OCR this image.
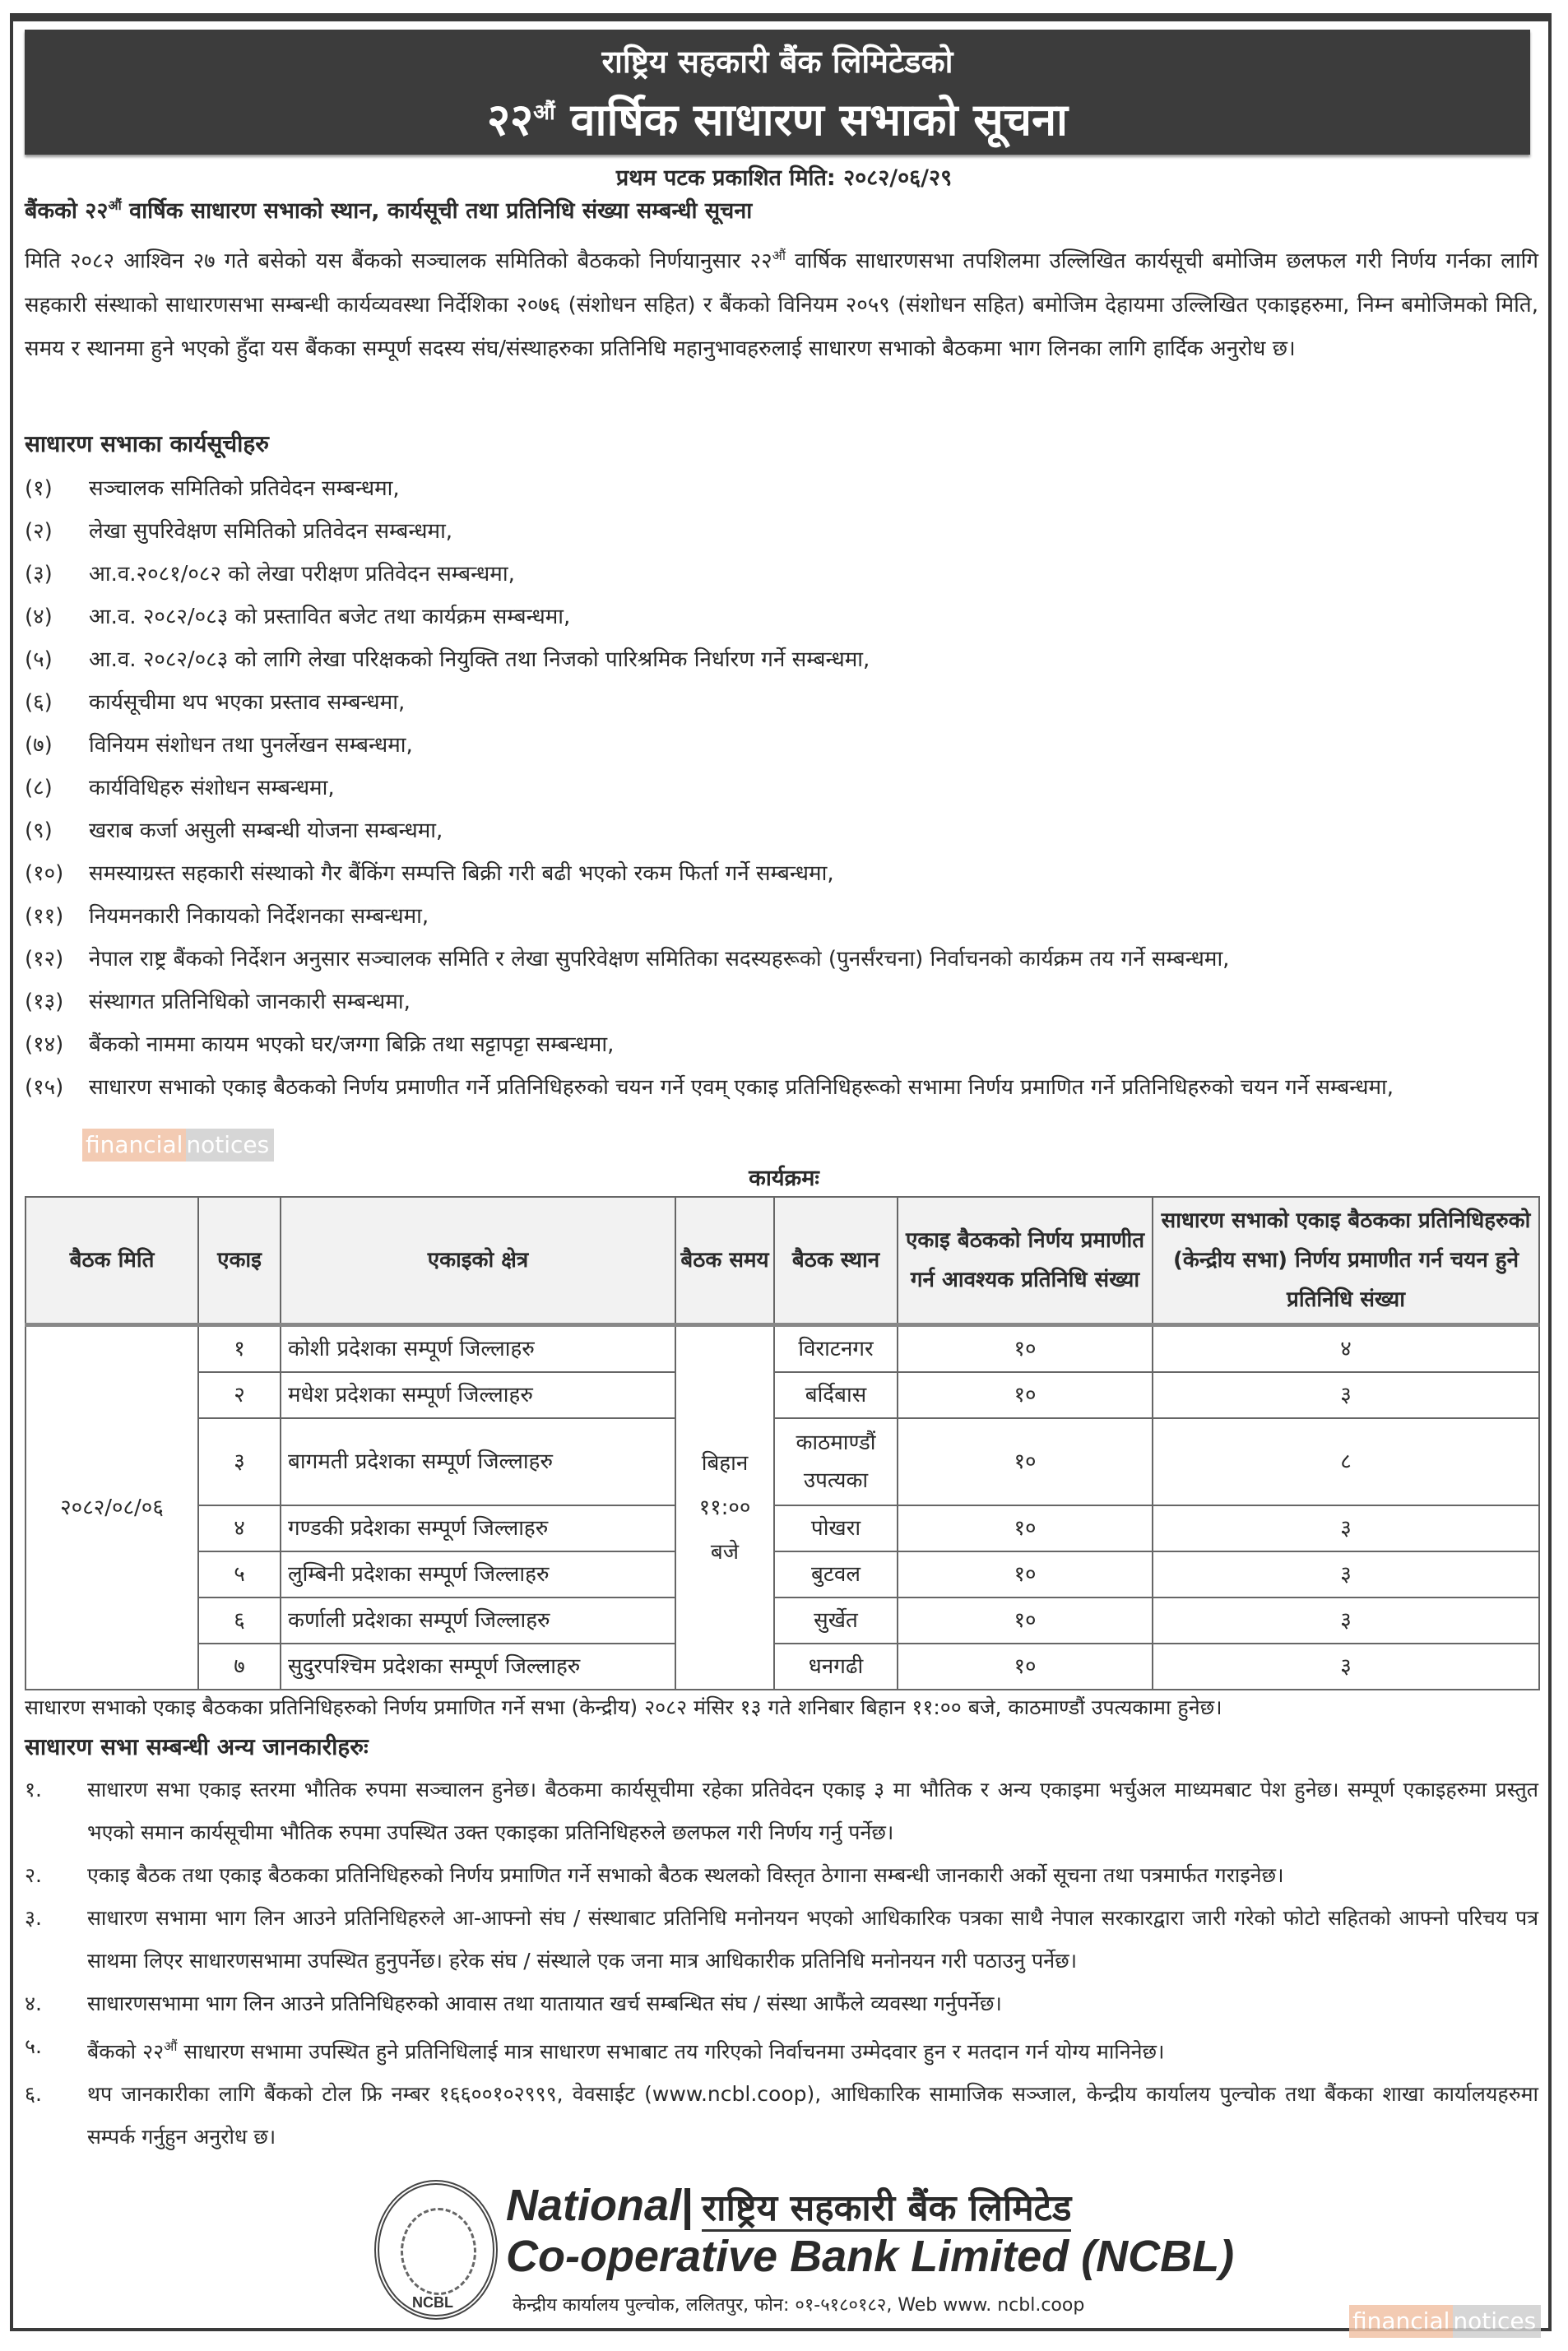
राष्ट्रिय सहकारी बैंक लिमिटेडको
$२२^{औं}$ वार्षिक साधारण सभाको सूचना
प्रथम पटक प्रकाशित मिति: २०८२/०६/२९
बैंकको $२२^{औं}$ वार्षिक साधारण सभाको स्थान, कार्यसूची तथा प्रतिनिधि संख्या सम्बन्धी सूचना
मिति २०८२ आश्विन २७ गते बसेको यस बैंकको सञ्चालक समितिको बैठकको निर्णयानुसार $२२^{औं}$ वार्षिक साधारणसभा तपशिलमा उल्लिखित कार्यसूची बमोजिम छलफल गरी निर्णय गर्नका लागि सहकारी संस्थाको साधारणसभा सम्बन्धी कार्यव्यवस्था निर्देशिका २०७६ (संशोधन सहित) र बैंकको विनियम २०५९ (संशोधन सहित) बमोजिम देहायमा उल्लिखित एकाइहरुमा, निम्न बमोजिमको मिति, समय र स्थानमा हुने भएको हुँदा यस बैंकका सम्पूर्ण सदस्य संघ/संस्थाहरुका प्रतिनिधि महानुभावहरुलाई साधारण सभाको बैठकमा भाग लिनका लागि हार्दिक अनुरोध छ।
साधारण सभाका कार्यसूचीहरु
(१)	सञ्चालक समितिको प्रतिवेदन सम्बन्धमा,
(२)	लेखा सुपरिवेक्षण समितिको प्रतिवेदन सम्बन्धमा,
(३)	आ.व.२०८१/०८२ को लेखा परीक्षण प्रतिवेदन सम्बन्धमा,
(४)	आ.व. २०८२/०८३ को प्रस्तावित बजेट तथा कार्यक्रम सम्बन्धमा,
(५)	आ.व. २०८२/०८३ को लागि लेखा परिक्षकको नियुक्ति तथा निजको पारिश्रमिक निर्धारण गर्ने सम्बन्धमा,
(६)	कार्यसूचीमा थप भएका प्रस्ताव सम्बन्धमा,
(७)	विनियम संशोधन तथा पुनर्लेखन सम्बन्धमा,
(८)	कार्यविधिहरु संशोधन सम्बन्धमा,
(९)	खराब कर्जा असुली सम्बन्धी योजना सम्बन्धमा,
(१०)	समस्याग्रस्त सहकारी संस्थाको गैर बैंकिंग सम्पत्ति बिक्री गरी बढी भएको रकम फिर्ता गर्ने सम्बन्धमा,
(११)	नियमनकारी निकायको निर्देशनका सम्बन्धमा,
(१२)	नेपाल राष्ट्र बैंकको निर्देशन अनुसार सञ्चालक समिति र लेखा सुपरिवेक्षण समितिका सदस्यहरूको (पुनर्संरचना) निर्वाचनको कार्यक्रम तय गर्ने सम्बन्धमा,
(१३)	संस्थागत प्रतिनिधिको जानकारी सम्बन्धमा,
(१४)	बैंकको नाममा कायम भएको घर/जग्गा बिक्रि तथा सट्टापट्टा सम्बन्धमा,
(१५)	साधारण सभाको एकाइ बैठकको निर्णय प्रमाणीत गर्ने प्रतिनिधिहरुको चयन गर्ने एवम् एकाइ प्रतिनिधिहरूको सभामा निर्णय प्रमाणित गर्ने प्रतिनिधिहरुको चयन गर्ने सम्बन्धमा,
financial notices
कार्यक्रमः
बैठक मिति	एकाइ	एकाइको क्षेत्र	बैठक समय	बैठक स्थान	एकाइ बैठकको निर्णय प्रमाणीत गर्न आवश्यक प्रतिनिधि संख्या	साधारण सभाको एकाइ बैठकका प्रतिनिधिहरुको (केन्द्रीय सभा) निर्णय प्रमाणीत गर्न चयन हुने प्रतिनिधि संख्या
२०८२/०८/०६	१	कोशी प्रदेशका सम्पूर्ण जिल्लाहरु	बिहान ११:०० बजे	विराटनगर	१०	४
	२	मधेश प्रदेशका सम्पूर्ण जिल्लाहरु		बर्दिबास	१०	३
	३	बागमती प्रदेशका सम्पूर्ण जिल्लाहरु		काठमाण्डौं उपत्यका	१०	८
	४	गण्डकी प्रदेशका सम्पूर्ण जिल्लाहरु		पोखरा	१०	३
	५	लुम्बिनी प्रदेशका सम्पूर्ण जिल्लाहरु		बुटवल	१०	३
	६	कर्णाली प्रदेशका सम्पूर्ण जिल्लाहरु		सुर्खेत	१०	३
	७	सुदुरपश्चिम प्रदेशका सम्पूर्ण जिल्लाहरु		धनगढी	१०	३
साधारण सभाको एकाइ बैठकका प्रतिनिधिहरुको निर्णय प्रमाणित गर्ने सभा (केन्द्रीय) २०८२ मंसिर १३ गते शनिबार बिहान ११:०० बजे, काठमाण्डौं उपत्यकामा हुनेछ।
साधारण सभा सम्बन्धी अन्य जानकारीहरुः
१.	साधारण सभा एकाइ स्तरमा भौतिक रुपमा सञ्चालन हुनेछ। बैठकमा कार्यसूचीमा रहेका प्रतिवेदन एकाइ ३ मा भौतिक र अन्य एकाइमा भर्चुअल माध्यमबाट पेश हुनेछ। सम्पूर्ण एकाइहरुमा प्रस्तुत भएको समान कार्यसूचीमा भौतिक रुपमा उपस्थित उक्त एकाइका प्रतिनिधिहरुले छलफल गरी निर्णय गर्नु पर्नेछ।
२.	एकाइ बैठक तथा एकाइ बैठकका प्रतिनिधिहरुको निर्णय प्रमाणित गर्ने सभाको बैठक स्थलको विस्तृत ठेगाना सम्बन्धी जानकारी अर्को सूचना तथा पत्रमार्फत गराइनेछ।
३.	साधारण सभामा भाग लिन आउने प्रतिनिधिहरुले आ-आफ्नो संघ / संस्थाबाट प्रतिनिधि मनोनयन भएको आधिकारिक पत्रका साथै नेपाल सरकारद्वारा जारी गरेको फोटो सहितको आफ्नो परिचय पत्र साथमा लिएर साधारणसभामा उपस्थित हुनुपर्नेछ। हरेक संघ / संस्थाले एक जना मात्र आधिकारीक प्रतिनिधि मनोनयन गरी पठाउनु पर्नेछ।
४.	साधारणसभामा भाग लिन आउने प्रतिनिधिहरुको आवास तथा यातायात खर्च सम्बन्धित संघ / संस्था आफैंले व्यवस्था गर्नुपर्नेछ।
५.	बैंकको $२२^{औं}$ साधारण सभामा उपस्थित हुने प्रतिनिधिलाई मात्र साधारण सभाबाट तय गरिएको निर्वाचनमा उम्मेदवार हुन र मतदान गर्न योग्य मानिनेछ।
६.	थप जानकारीका लागि बैंकको टोल फ्रि नम्बर १६६००१०२९९९, वेवसाईट (www.ncbl.coop), आधिकारिक सामाजिक सञ्जाल, केन्द्रीय कार्यालय पुल्चोक तथा बैंकका शाखा कार्यालयहरुमा सम्पर्क गर्नुहुन अनुरोध छ।
NCBL
National| राष्ट्रिय सहकारी बैंक लिमिटेड
Co-operative Bank Limited (NCBL)
केन्द्रीय कार्यालय पुल्चोक, ललितपुर, फोन: ०१-५१८०१८२, Web www. ncbl.coop
financial notices
